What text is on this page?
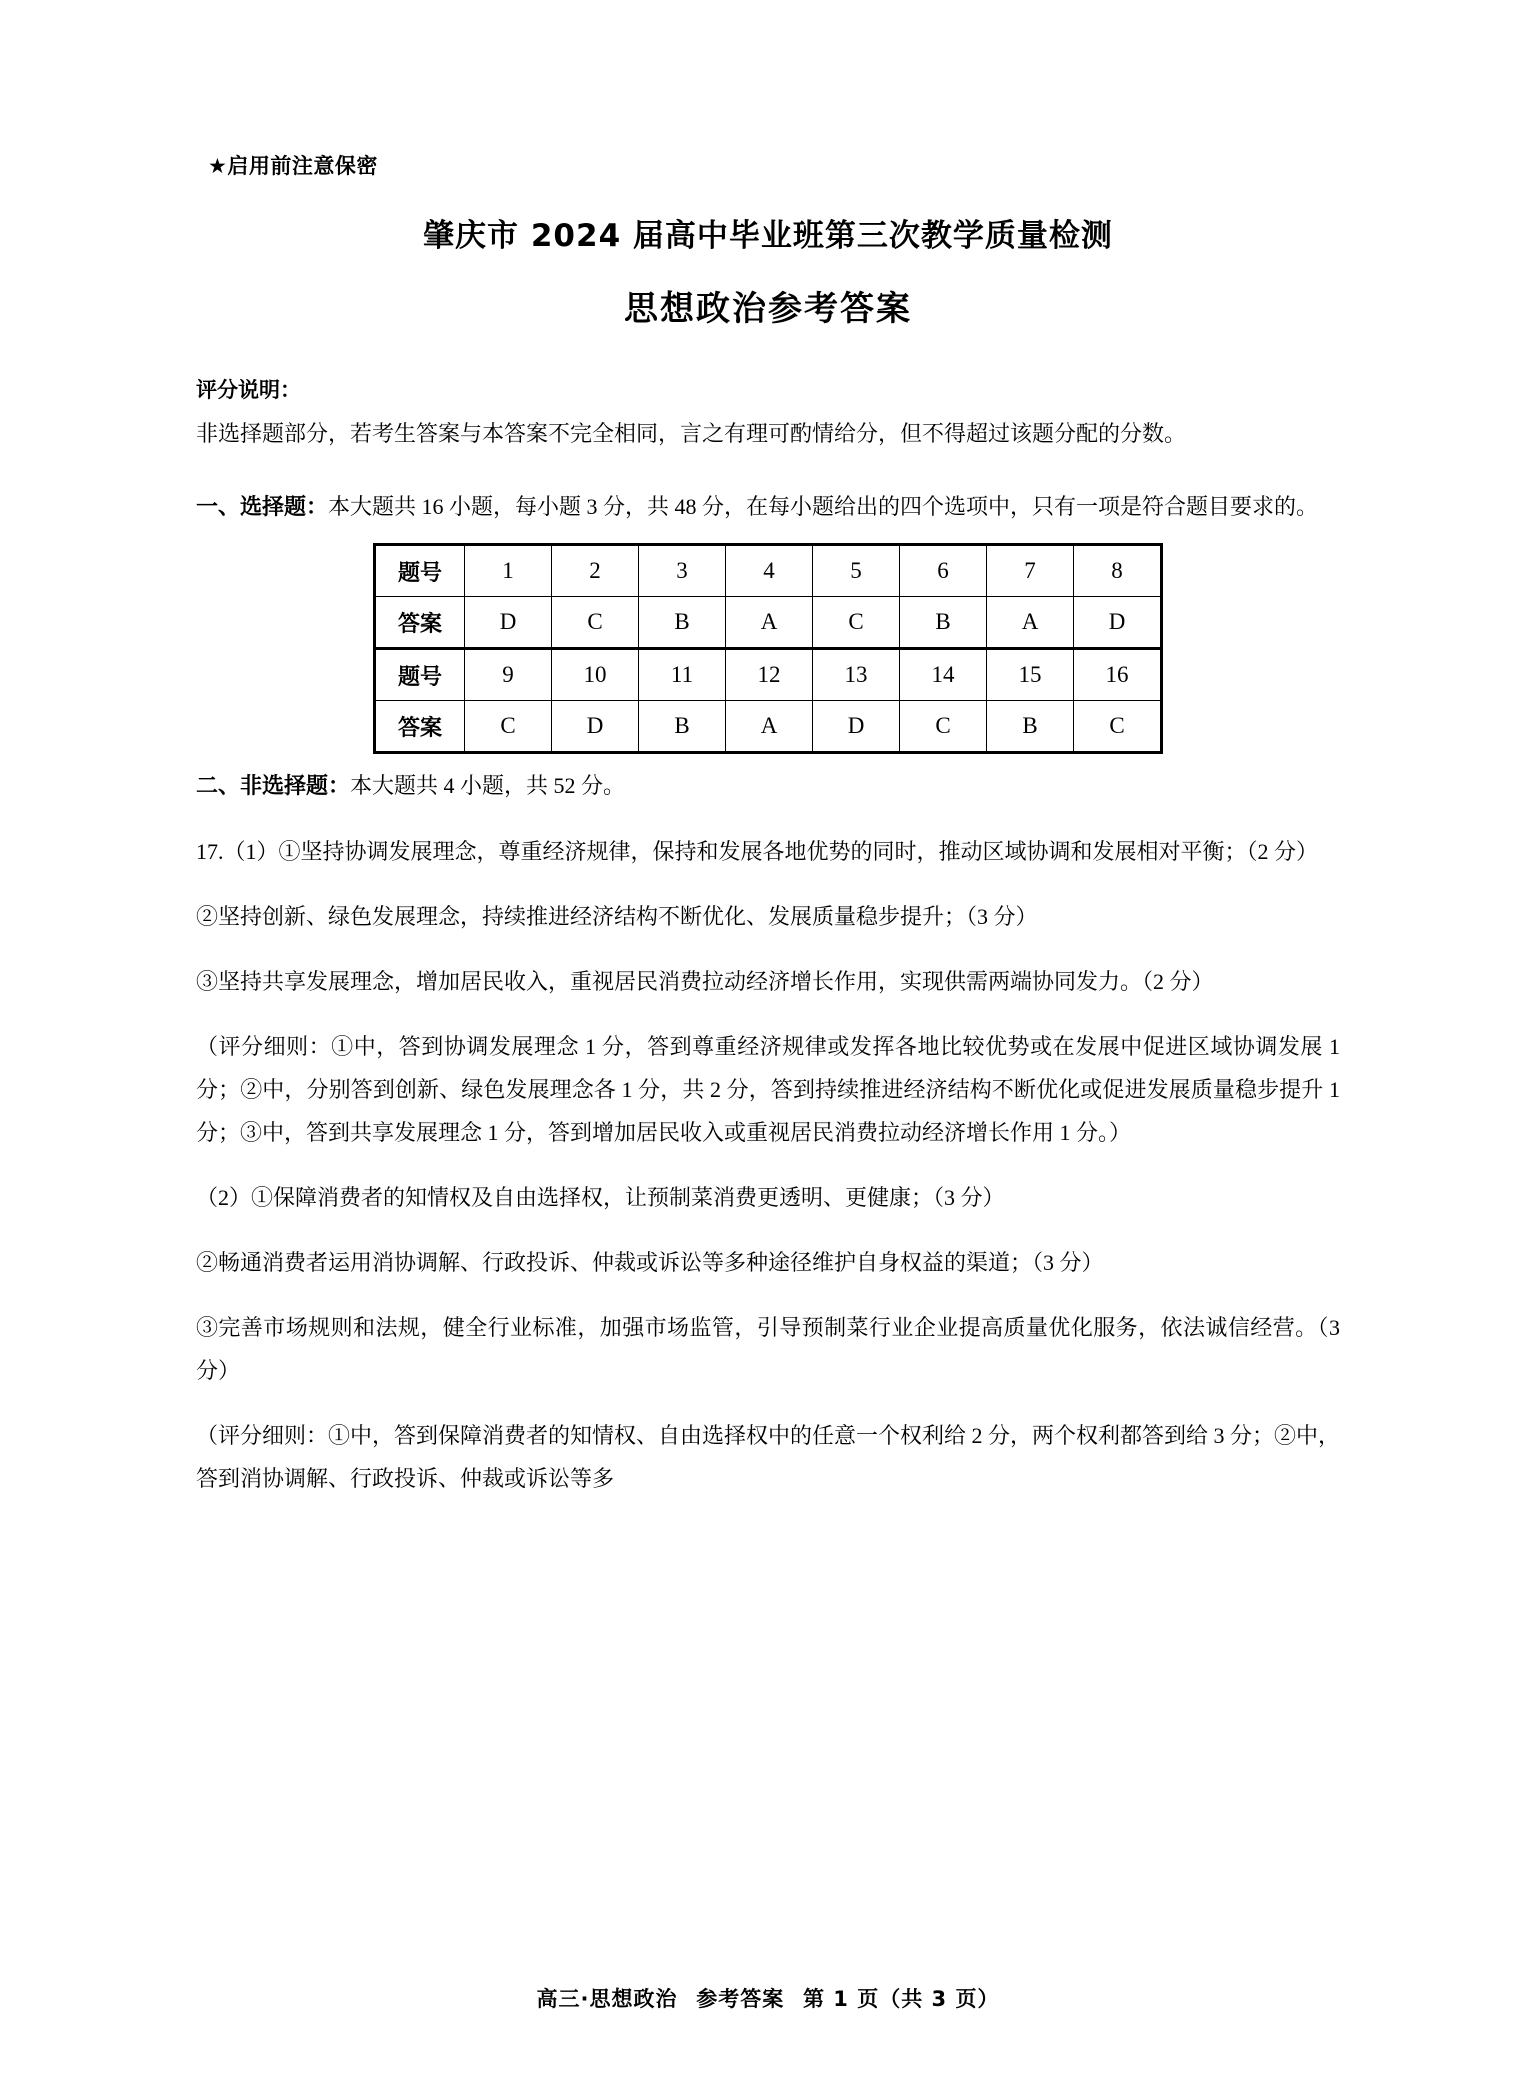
★启用前注意保密
肇庆市 2024 届高中毕业班第三次教学质量检测
思想政治参考答案
评分说明：

非选择题部分，若考生答案与本答案不完全相同，言之有理可酌情给分，但不得超过该题分配的分数。

一、选择题：本大题共 16 小题，每小题 3 分，共 48 分，在每小题给出的四个选项中，只有一项是符合题目要求的。

题号	1	2	3	4	5	6	7	8
答案	D	C	B	A	C	B	A	D
题号	9	10	11	12	13	14	15	16
答案	C	D	B	A	D	C	B	C

二、非选择题：本大题共 4 小题，共 52 分。

17.（1）①坚持协调发展理念，尊重经济规律，保持和发展各地优势的同时，推动区域协调和发展相对平衡；（2 分）

②坚持创新、绿色发展理念，持续推进经济结构不断优化、发展质量稳步提升；（3 分）

③坚持共享发展理念，增加居民收入，重视居民消费拉动经济增长作用，实现供需两端协同发力。（2 分）

（评分细则：①中，答到协调发展理念 1 分，答到尊重经济规律或发挥各地比较优势或在发展中促进区域协调发展 1 分；②中，分别答到创新、绿色发展理念各 1 分，共 2 分，答到持续推进经济结构不断优化或促进发展质量稳步提升 1 分；③中，答到共享发展理念 1 分，答到增加居民收入或重视居民消费拉动经济增长作用 1 分。）

（2）①保障消费者的知情权及自由选择权，让预制菜消费更透明、更健康；（3 分）

②畅通消费者运用消协调解、行政投诉、仲裁或诉讼等多种途径维护自身权益的渠道；（3 分）

③完善市场规则和法规，健全行业标准，加强市场监管，引导预制菜行业企业提高质量优化服务，依法诚信经营。（3 分）

（评分细则：①中，答到保障消费者的知情权、自由选择权中的任意一个权利给 2 分，两个权利都答到给 3 分；②中，答到消协调解、行政投诉、仲裁或诉讼等多

高三·思想政治 参考答案 第 1 页（共 3 页）
